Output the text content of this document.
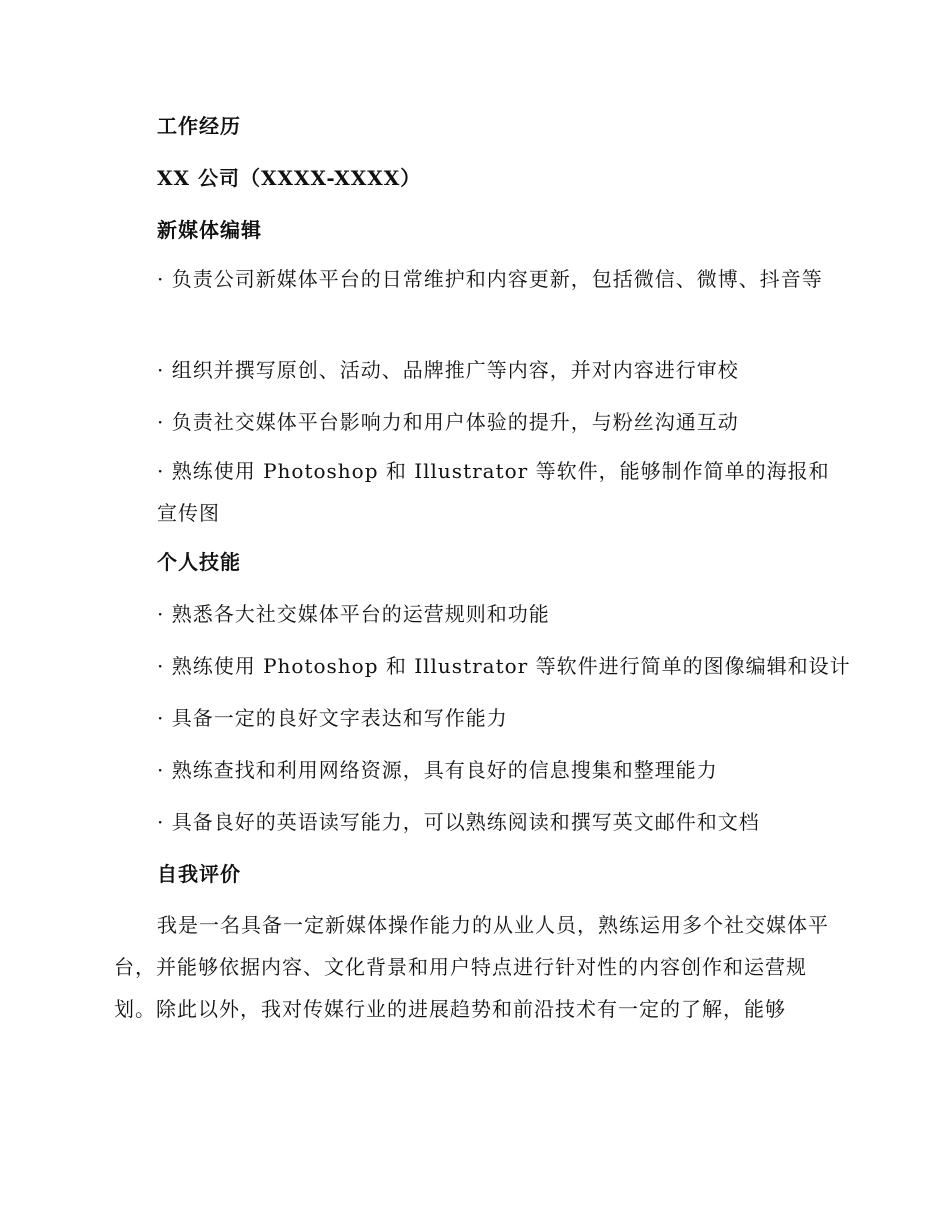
工作经历
XX 公司（XXXX-XXXX）
新媒体编辑
· 负责公司新媒体平台的日常维护和内容更新，包括微信、微博、抖音等
· 组织并撰写原创、活动、品牌推广等内容，并对内容进行审校
· 负责社交媒体平台影响力和用户体验的提升，与粉丝沟通互动
· 熟练使用 Photoshop 和 Illustrator 等软件，能够制作简单的海报和宣传图
个人技能
· 熟悉各大社交媒体平台的运营规则和功能
· 熟练使用 Photoshop 和 Illustrator 等软件进行简单的图像编辑和设计
· 具备一定的良好文字表达和写作能力
· 熟练查找和利用网络资源，具有良好的信息搜集和整理能力
· 具备良好的英语读写能力，可以熟练阅读和撰写英文邮件和文档
自我评价
我是一名具备一定新媒体操作能力的从业人员，熟练运用多个社交媒体平台，并能够依据内容、文化背景和用户特点进行针对性的内容创作和运营规划。除此以外，我对传媒行业的进展趋势和前沿技术有一定的了解，能够
